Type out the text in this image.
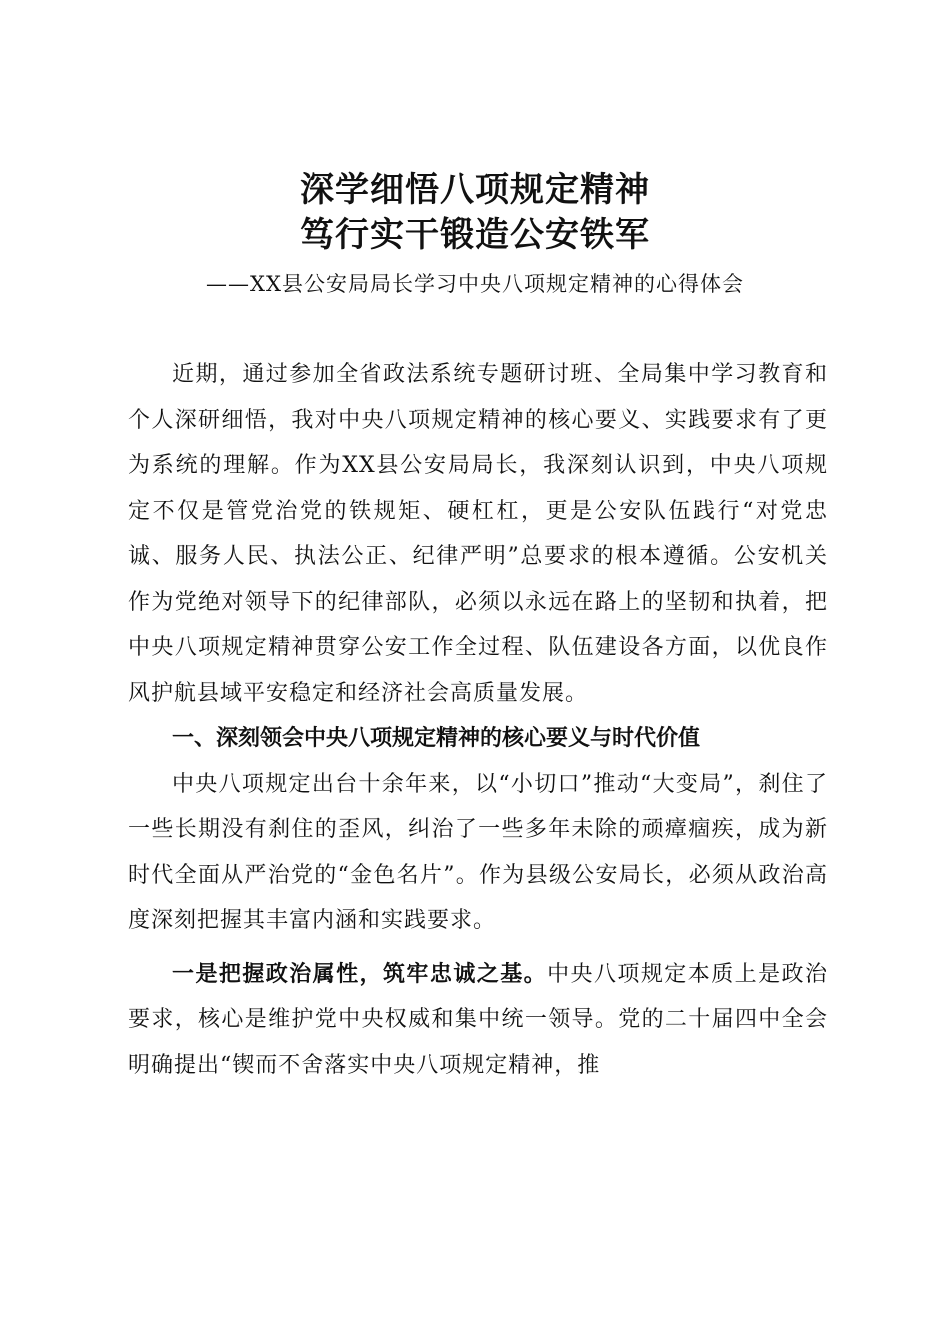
深学细悟八项规定精神
笃行实干锻造公安铁军

——XX县公安局局长学习中央八项规定精神的心得体会

近期，通过参加全省政法系统专题研讨班、全局集中学习教育和个人深研细悟，我对中央八项规定精神的核心要义、实践要求有了更为系统的理解。作为XX县公安局局长，我深刻认识到，中央八项规定不仅是管党治党的铁规矩、硬杠杠，更是公安队伍践行“对党忠诚、服务人民、执法公正、纪律严明”总要求的根本遵循。公安机关作为党绝对领导下的纪律部队，必须以永远在路上的坚韧和执着，把中央八项规定精神贯穿公安工作全过程、队伍建设各方面，以优良作风护航县域平安稳定和经济社会高质量发展。

一、深刻领会中央八项规定精神的核心要义与时代价值

中央八项规定出台十余年来，以“小切口”推动“大变局”，刹住了一些长期没有刹住的歪风，纠治了一些多年未除的顽瘴痼疾，成为新时代全面从严治党的“金色名片”。作为县级公安局长，必须从政治高度深刻把握其丰富内涵和实践要求。

一是把握政治属性，筑牢忠诚之基。中央八项规定本质上是政治要求，核心是维护党中央权威和集中统一领导。党的二十届四中全会明确提出“锲而不舍落实中央八项规定精神，推
